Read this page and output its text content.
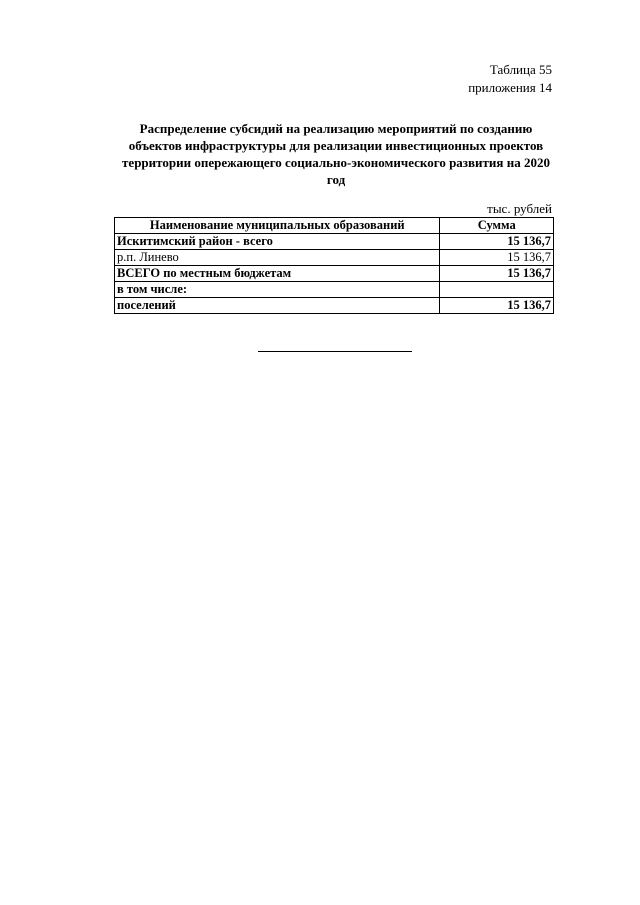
Таблица 55
приложения 14
Распределение субсидий на реализацию мероприятий по созданию
объектов инфраструктуры для реализации инвестиционных проектов
территории опережающего социально-экономического развития на 2020
год
тыс. рублей
Наименование муниципальных образований	Сумма
Искитимский район - всего	15 136,7
р.п. Линево	15 136,7
ВСЕГО по местным бюджетам	15 136,7
в том числе:	
поселений	15 136,7
